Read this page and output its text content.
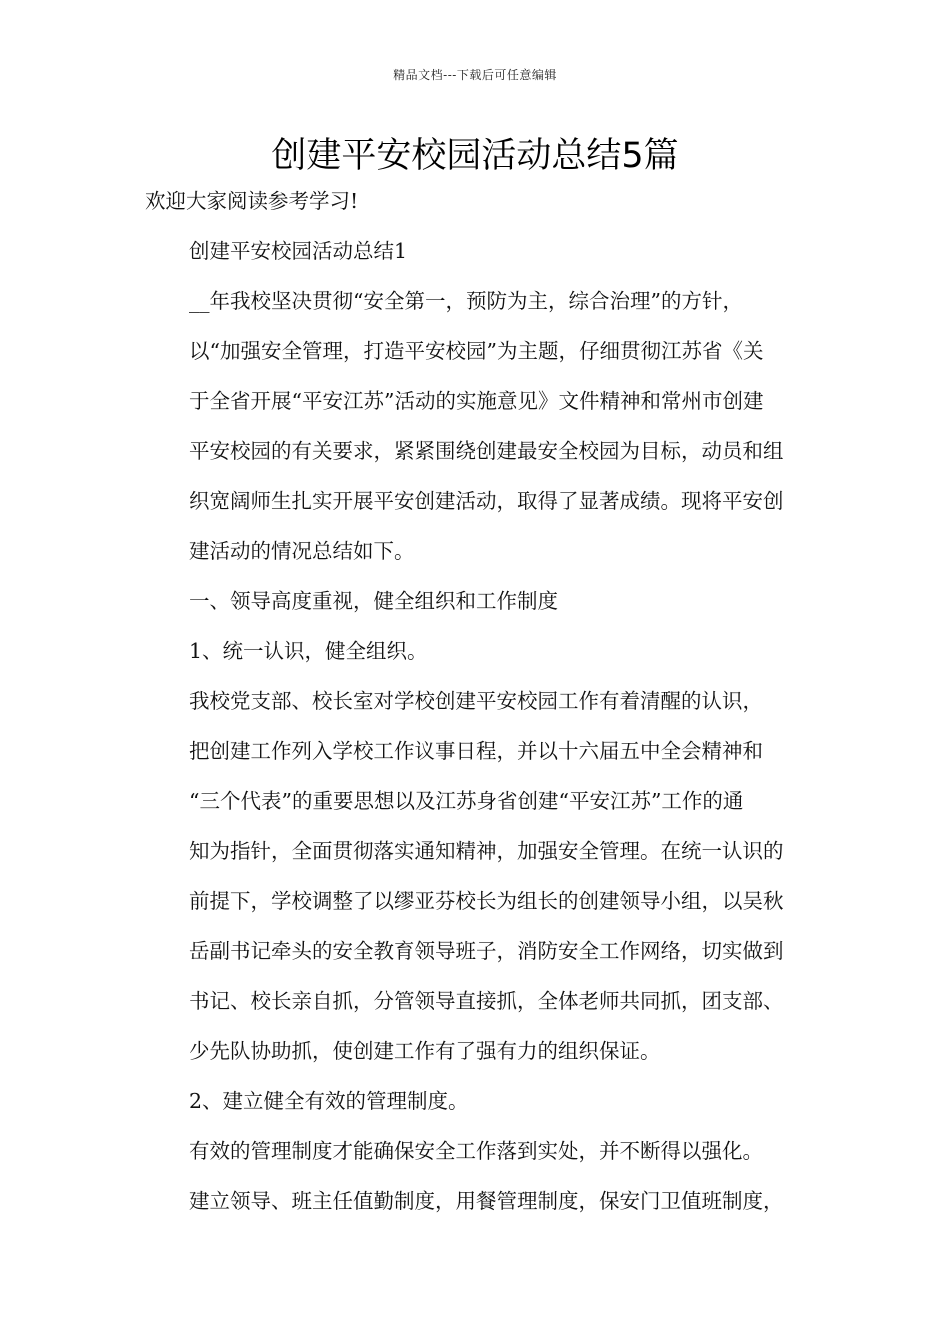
精品文档---下载后可任意编辑
创建平安校园活动总结5篇

欢迎大家阅读参考学习!

创建平安校园活动总结1

__年我校坚决贯彻“安全第一，预防为主，综合治理”的方针，
以“加强安全管理，打造平安校园”为主题，仔细贯彻江苏省《关
于全省开展“平安江苏”活动的实施意见》文件精神和常州市创建
平安校园的有关要求，紧紧围绕创建最安全校园为目标，动员和组
织宽阔师生扎实开展平安创建活动，取得了显著成绩。现将平安创
建活动的情况总结如下。

一、领导高度重视，健全组织和工作制度

1、统一认识，健全组织。

我校党支部、校长室对学校创建平安校园工作有着清醒的认识，
把创建工作列入学校工作议事日程，并以十六届五中全会精神和
“三个代表”的重要思想以及江苏身省创建“平安江苏”工作的通
知为指针，全面贯彻落实通知精神，加强安全管理。在统一认识的
前提下，学校调整了以缪亚芬校长为组长的创建领导小组，以吴秋
岳副书记牵头的安全教育领导班子，消防安全工作网络，切实做到
书记、校长亲自抓，分管领导直接抓，全体老师共同抓，团支部、
少先队协助抓，使创建工作有了强有力的组织保证。

2、建立健全有效的管理制度。

有效的管理制度才能确保安全工作落到实处，并不断得以强化。
建立领导、班主任值勤制度，用餐管理制度，保安门卫值班制度，
